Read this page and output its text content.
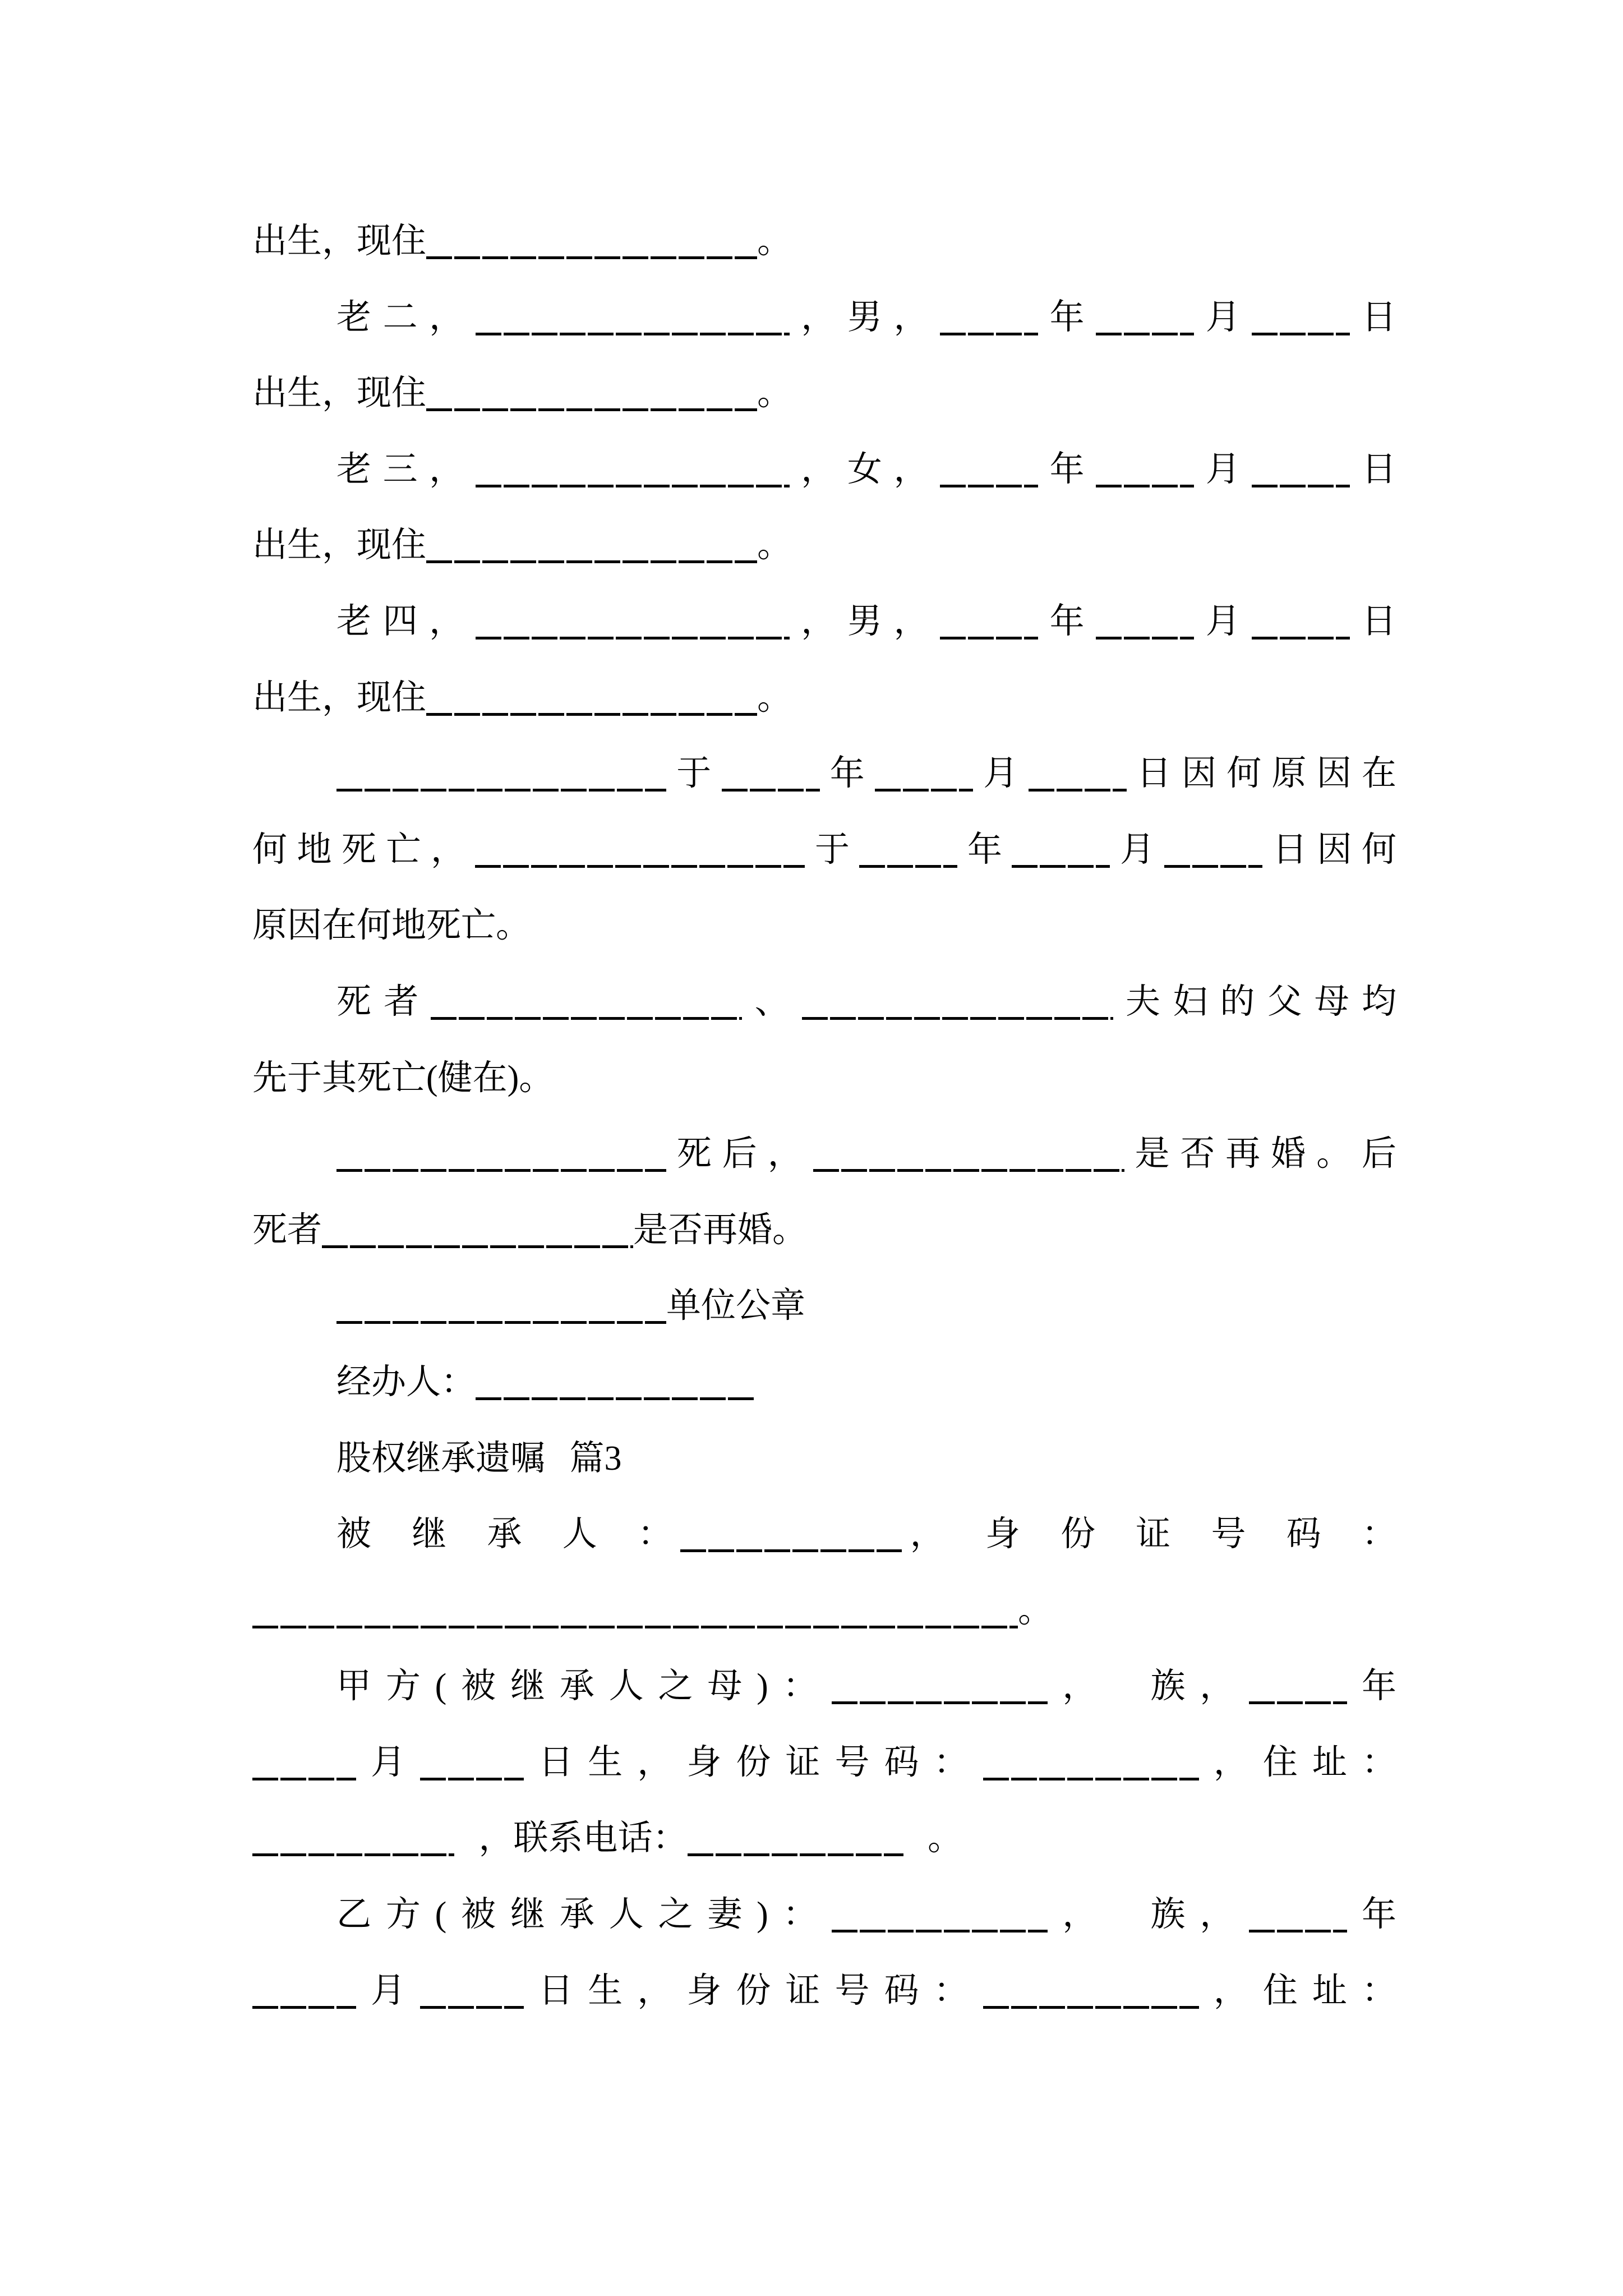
出生，现住	。
老二，	，男，	年	月	日
出生，现住	。
老三，	，女，	年	月	日
出生，现住	。
老四，	，男，	年	月	日
出生，现住	。
于	年	月	日因何原因在
何地死亡，	于	年	月	日因何
原因在何地死亡。
死者	、	夫妇的父母均
先于其死亡(健在)。
死后，	是否再婚。后
死者	是否再婚。
单位公章
经办人：
股权继承遗嘱 篇3
被 继 承 人 ：	， 身 份 证 号 码 ：
。
甲方(被继承人之母)：	， 族，	年
月	日生，身份证号码：	，住址：
，联系电话：	。
乙方(被继承人之妻)：	， 族，	年
月	日生，身份证号码：	，住址：
